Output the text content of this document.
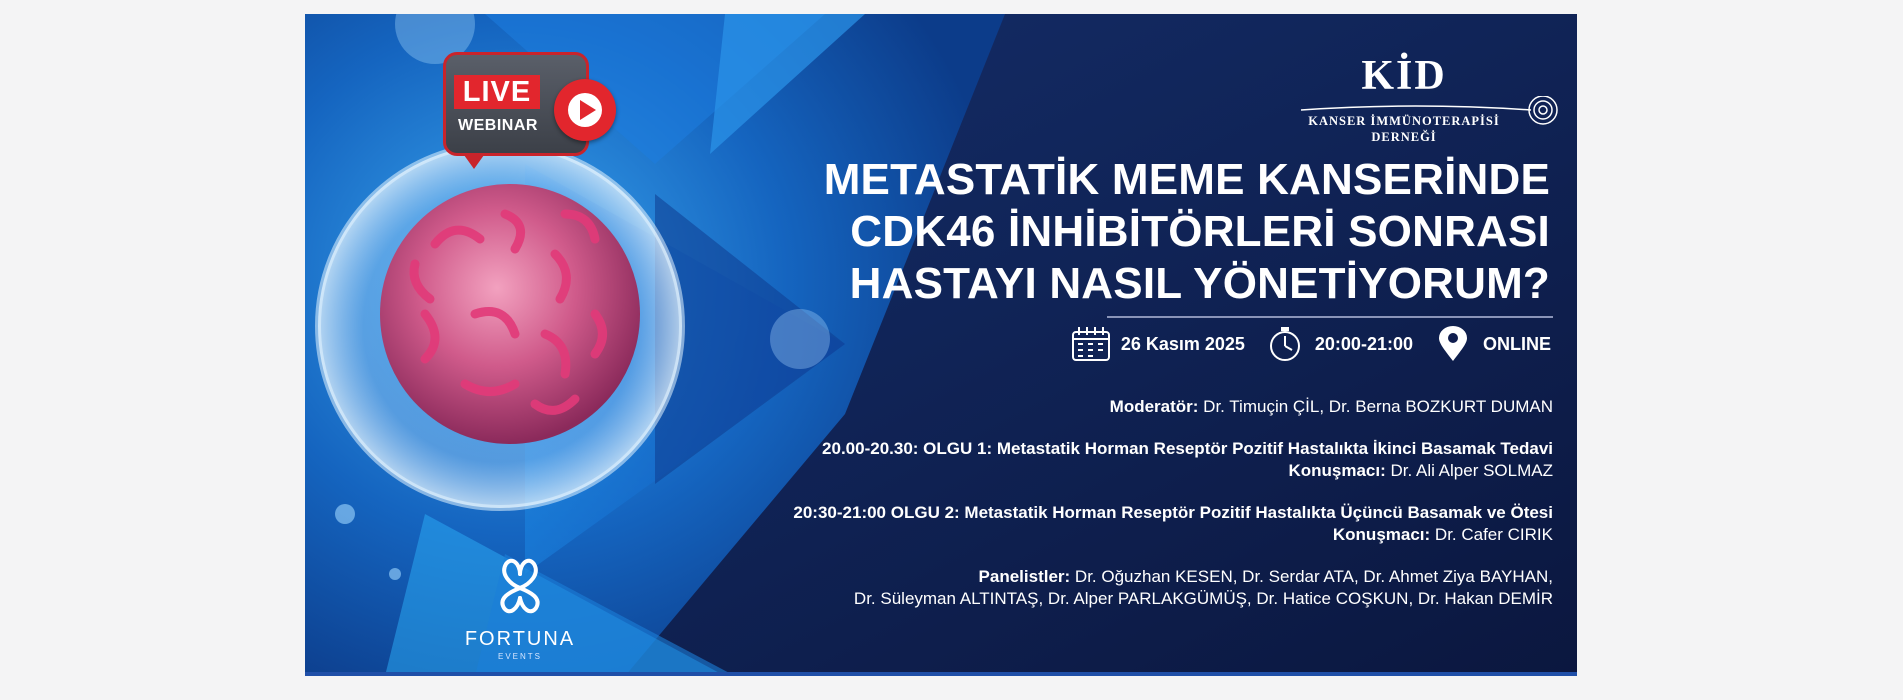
LIVE
WEBINAR
KİD
KANSER İMMÜNOTERAPİSİ
DERNEĞİ
METASTATİK MEME KANSERİNDE
CDK46 İNHİBİTÖRLERİ SONRASI
HASTAYI NASIL YÖNETİYORUM?
26 Kasım 2025	20:00-21:00	ONLINE
Moderatör: Dr. Timuçin ÇİL, Dr. Berna BOZKURT DUMAN
20.00-20.30: OLGU 1: Metastatik Horman Reseptör Pozitif Hastalıkta İkinci Basamak Tedavi
Konuşmacı: Dr. Ali Alper SOLMAZ
20:30-21:00 OLGU 2: Metastatik Horman Reseptör Pozitif Hastalıkta Üçüncü Basamak ve Ötesi
Konuşmacı: Dr. Cafer CIRIK
Panelistler: Dr. Oğuzhan KESEN, Dr. Serdar ATA, Dr. Ahmet Ziya BAYHAN,
Dr. Süleyman ALTINTAŞ, Dr. Alper PARLAKGÜMÜŞ, Dr. Hatice COŞKUN, Dr. Hakan DEMİR
FORTUNA
EVENTS
